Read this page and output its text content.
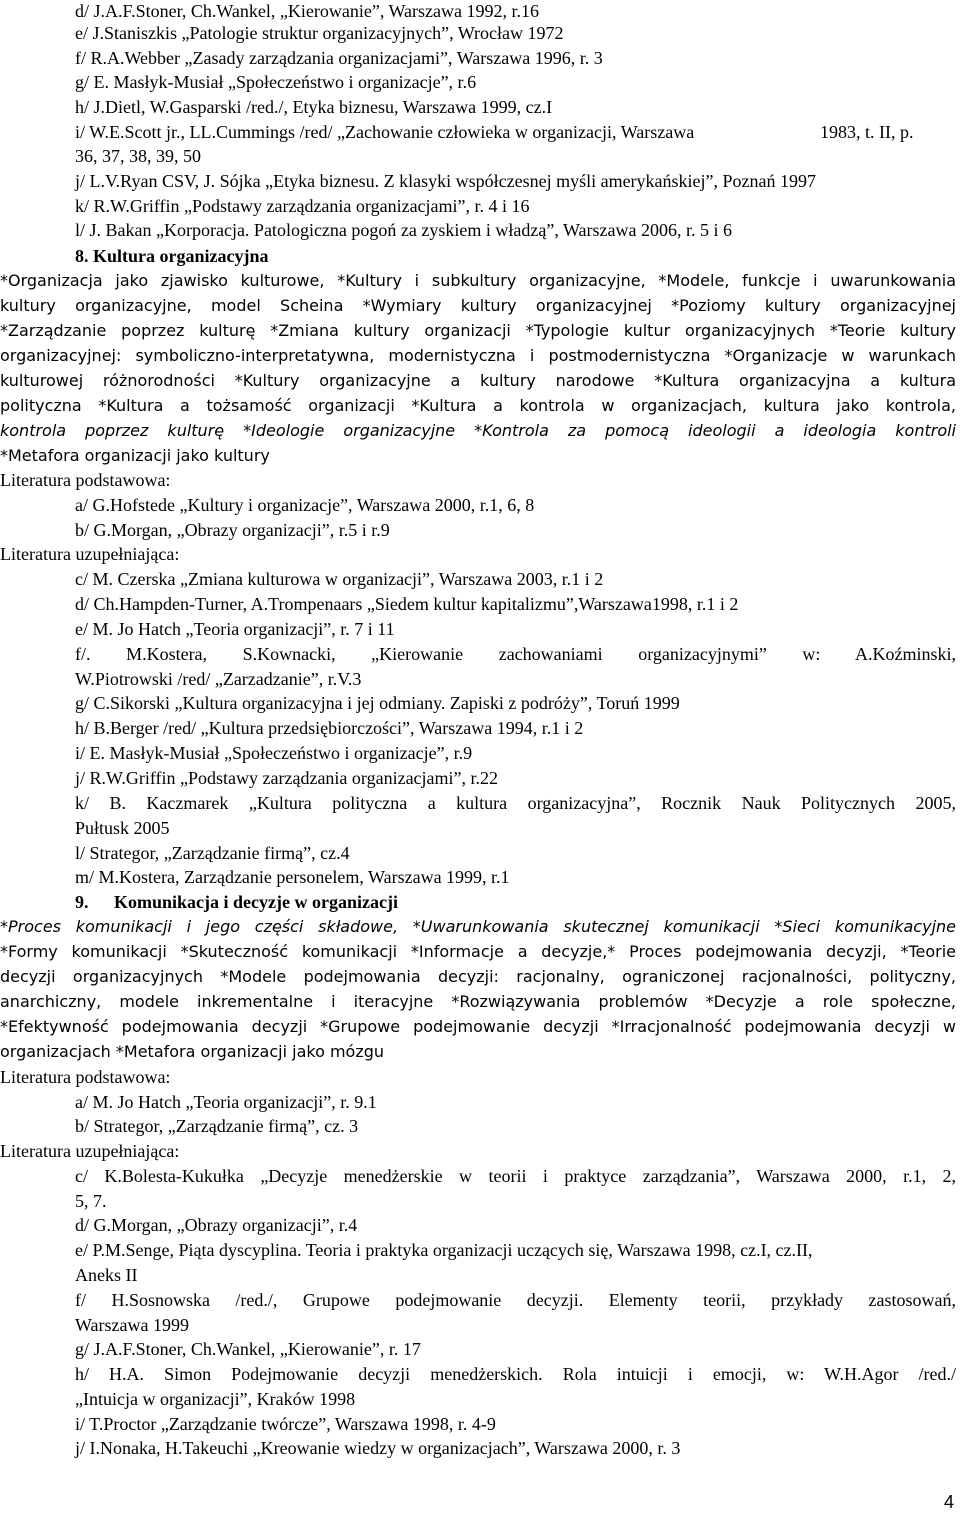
d/ J.A.F.Stoner, Ch.Wankel, „Kierowanie”, Warszawa 1992, r.16
e/ J.Staniszkis „Patologie struktur organizacyjnych”, Wrocław 1972
f/ R.A.Webber „Zasady zarządzania organizacjami”, Warszawa 1996, r. 3
g/ E. Masłyk-Musiał „Społeczeństwo i organizacje”, r.6
h/ J.Dietl, W.Gasparski /red./, Etyka biznesu, Warszawa 1999, cz.I
i/ W.E.Scott jr., LL.Cummings /red/ „Zachowanie człowieka w organizacji, Warszawa	1983, t. II, p.
36, 37, 38, 39, 50
j/ L.V.Ryan CSV, J. Sójka „Etyka biznesu. Z klasyki współczesnej myśli amerykańskiej”, Poznań 1997
k/ R.W.Griffin „Podstawy zarządzania organizacjami”, r. 4 i 16
l/ J. Bakan „Korporacja. Patologiczna pogoń za zyskiem i władzą”, Warszawa 2006, r. 5 i 6
8. Kultura organizacyjna
*Organizacja jako zjawisko kulturowe, *Kultury i subkultury organizacyjne, *Modele, funkcje i uwarunkowania
kultury organizacyjne, model Scheina *Wymiary kultury organizacyjnej *Poziomy kultury organizacyjnej
*Zarządzanie poprzez kulturę *Zmiana kultury organizacji *Typologie kultur organizacyjnych *Teorie kultury
organizacyjnej: symboliczno-interpretatywna, modernistyczna i postmodernistyczna *Organizacje w warunkach
kulturowej różnorodności *Kultury organizacyjne a kultury narodowe *Kultura organizacyjna a kultura
polityczna *Kultura a tożsamość organizacji *Kultura a kontrola w organizacjach, kultura jako kontrola,
kontrola poprzez kulturę *Ideologie organizacyjne *Kontrola za pomocą ideologii a ideologia kontroli
*Metafora organizacji jako kultury
Literatura podstawowa:
a/ G.Hofstede „Kultury i organizacje”, Warszawa 2000, r.1, 6, 8
b/ G.Morgan, „Obrazy organizacji”, r.5 i r.9
Literatura uzupełniająca:
c/ M. Czerska „Zmiana kulturowa w organizacji”, Warszawa 2003, r.1 i 2
d/ Ch.Hampden-Turner, A.Trompenaars „Siedem kultur kapitalizmu”,Warszawa1998, r.1 i 2
e/ M. Jo Hatch „Teoria organizacji”, r. 7 i 11
f/. M.Kostera, S.Kownacki, „Kierowanie zachowaniami organizacyjnymi” w: A.Koźminski,
W.Piotrowski /red/ „Zarzadzanie”, r.V.3
g/ C.Sikorski „Kultura organizacyjna i jej odmiany. Zapiski z podróży”, Toruń 1999
h/ B.Berger /red/ „Kultura przedsiębiorczości”, Warszawa 1994, r.1 i 2
i/ E. Masłyk-Musiał „Społeczeństwo i organizacje”, r.9
j/ R.W.Griffin „Podstawy zarządzania organizacjami”, r.22
k/ B. Kaczmarek „Kultura polityczna a kultura organizacyjna”, Rocznik Nauk Politycznych 2005,
Pułtusk 2005
l/ Strategor, „Zarządzanie firmą”, cz.4
m/ M.Kostera, Zarządzanie personelem, Warszawa 1999, r.1
9. Komunikacja i decyzje w organizacji
*Proces komunikacji i jego części składowe, *Uwarunkowania skutecznej komunikacji *Sieci komunikacyjne
*Formy komunikacji *Skuteczność komunikacji *Informacje a decyzje,* Proces podejmowania decyzji, *Teorie
decyzji organizacyjnych *Modele podejmowania decyzji: racjonalny, ograniczonej racjonalności, polityczny,
anarchiczny, modele inkrementalne i iteracyjne *Rozwiązywania problemów *Decyzje a role społeczne,
*Efektywność podejmowania decyzji *Grupowe podejmowanie decyzji *Irracjonalność podejmowania decyzji w
organizacjach *Metafora organizacji jako mózgu
Literatura podstawowa:
a/ M. Jo Hatch „Teoria organizacji”, r. 9.1
b/ Strategor, „Zarządzanie firmą”, cz. 3
Literatura uzupełniająca:
c/ K.Bolesta-Kukułka „Decyzje menedżerskie w teorii i praktyce zarządzania”, Warszawa 2000, r.1, 2,
5, 7.
d/ G.Morgan, „Obrazy organizacji”, r.4
e/ P.M.Senge, Piąta dyscyplina. Teoria i praktyka organizacji uczących się, Warszawa 1998, cz.I, cz.II,
Aneks II
f/ H.Sosnowska /red./, Grupowe podejmowanie decyzji. Elementy teorii, przykłady zastosowań,
Warszawa 1999
g/ J.A.F.Stoner, Ch.Wankel, „Kierowanie”, r. 17
h/ H.A. Simon Podejmowanie decyzji menedżerskich. Rola intuicji i emocji, w: W.H.Agor /red./
„Intuicja w organizacji”, Kraków 1998
i/ T.Proctor „Zarządzanie twórcze”, Warszawa 1998, r. 4-9
j/ I.Nonaka, H.Takeuchi „Kreowanie wiedzy w organizacjach”, Warszawa 2000, r. 3
4
